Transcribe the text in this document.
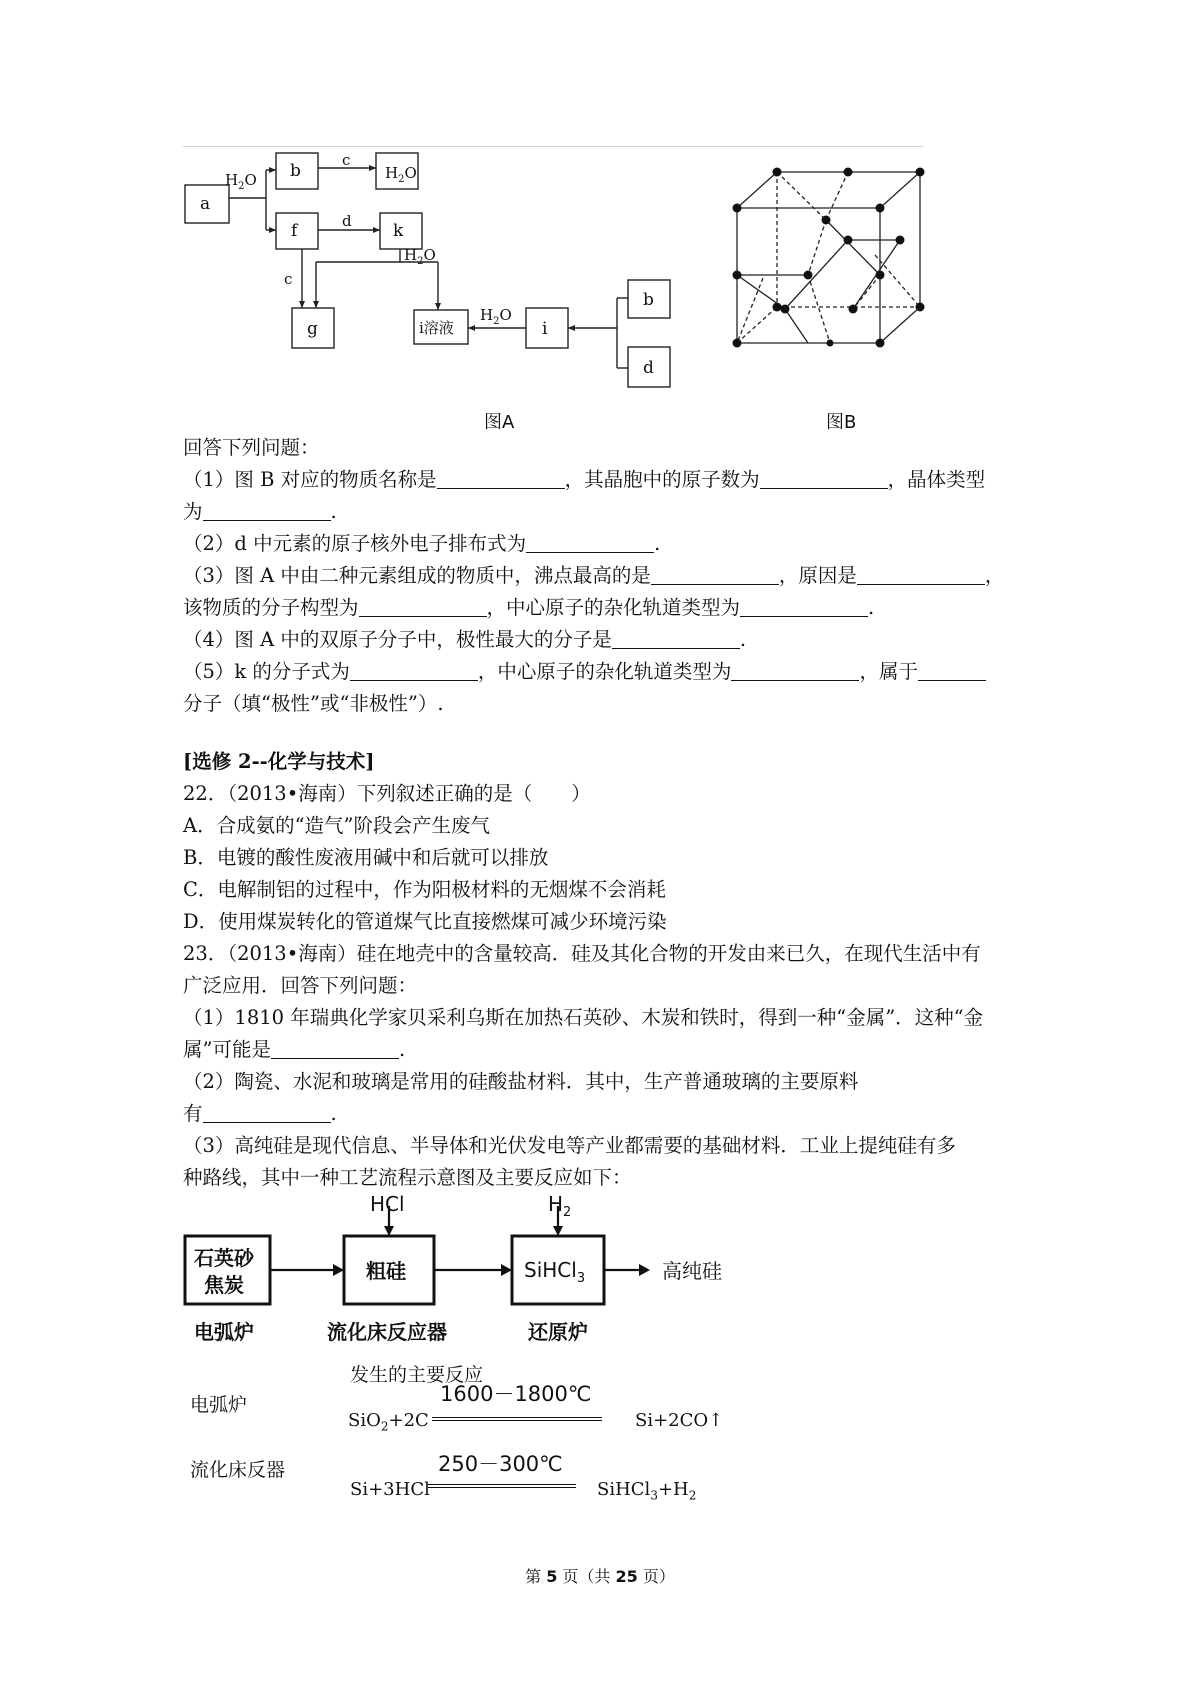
a
b
f	k
g	i溶液	i
b
d
c
d
c
$H_2O$	$H_2O$
$H_2O$
$H_2O$
图A	图B
回答下列问题：
（1）图 B 对应的物质名称是	，其晶胞中的原子数为	，晶体类型
为	.
（2）d 中元素的原子核外电子排布式为	.
（3）图 A 中由二种元素组成的物质中，沸点最高的是	，原因是	，
该物质的分子构型为	，中心原子的杂化轨道类型为	.
（4）图 A 中的双原子分子中，极性最大的分子是	.
（5）k 的分子式为	，中心原子的杂化轨道类型为	，属于
分子（填“极性”或“非极性”）.
[选修 2--化学与技术]
22．（2013•海南）下列叙述正确的是（　　）
A．合成氨的“造气”阶段会产生废气
B．电镀的酸性废液用碱中和后就可以排放
C．电解制铝的过程中，作为阳极材料的无烟煤不会消耗
D．使用煤炭转化的管道煤气比直接燃煤可减少环境污染
23．（2013•海南）硅在地壳中的含量较高．硅及其化合物的开发由来已久，在现代生活中有
广泛应用．回答下列问题：
（1）1810 年瑞典化学家贝采利乌斯在加热石英砂、木炭和铁时，得到一种“金属”．这种“金
属”可能是	.
（2）陶瓷、水泥和玻璃是常用的硅酸盐材料．其中，生产普通玻璃的主要原料
有	.
（3）高纯硅是现代信息、半导体和光伏发电等产业都需要的基础材料．工业上提纯硅有多
种路线，其中一种工艺流程示意图及主要反应如下：
石英砂
焦炭
粗硅	SiHCl$_3$	高纯硅
HCl	$H_2$
电弧炉	流化床反应器	还原炉
发生的主要反应
电弧炉	1600－1800℃
SiO$_2$+2C	Si+2CO↑
流化床反器	250－300℃
Si+3HCl	$SiHCl_3+H_2$
第 5 页（共 25 页）
